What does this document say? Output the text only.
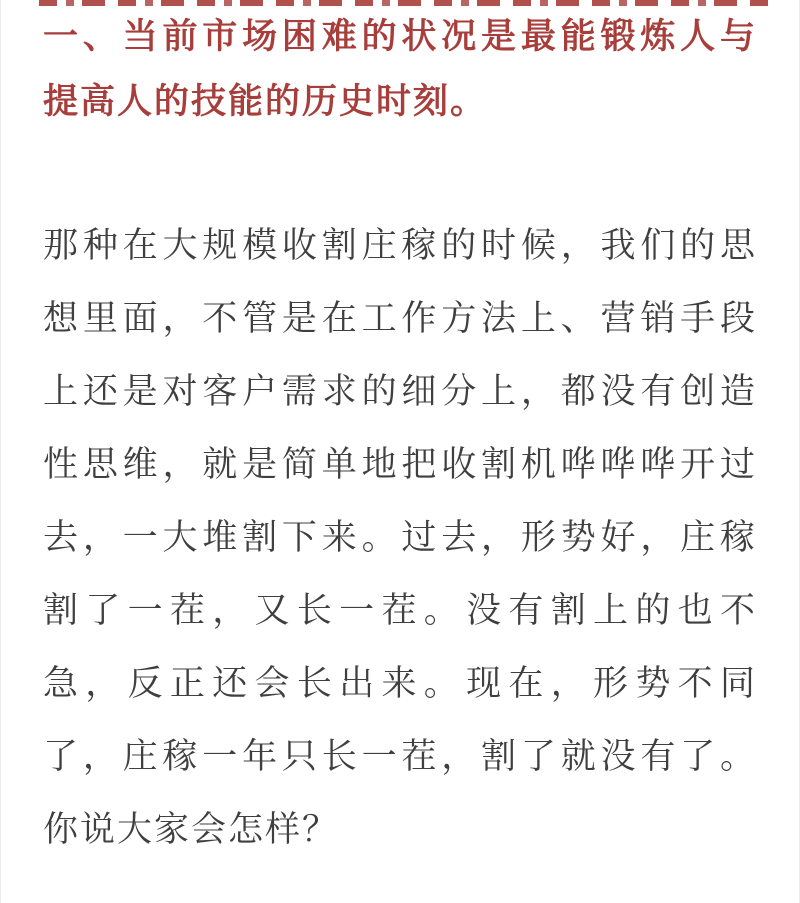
一、当前市场困难的状况是最能锻炼人与
提高人的技能的历史时刻。
那种在大规模收割庄稼的时候，我们的思
想里面，不管是在工作方法上、营销手段
上还是对客户需求的细分上，都没有创造
性思维，就是简单地把收割机哗哗哗开过
去，一大堆割下来。过去，形势好，庄稼
割了一茬，又长一茬。没有割上的也不
急，反正还会长出来。现在，形势不同
了，庄稼一年只长一茬，割了就没有了。
你说大家会怎样？
